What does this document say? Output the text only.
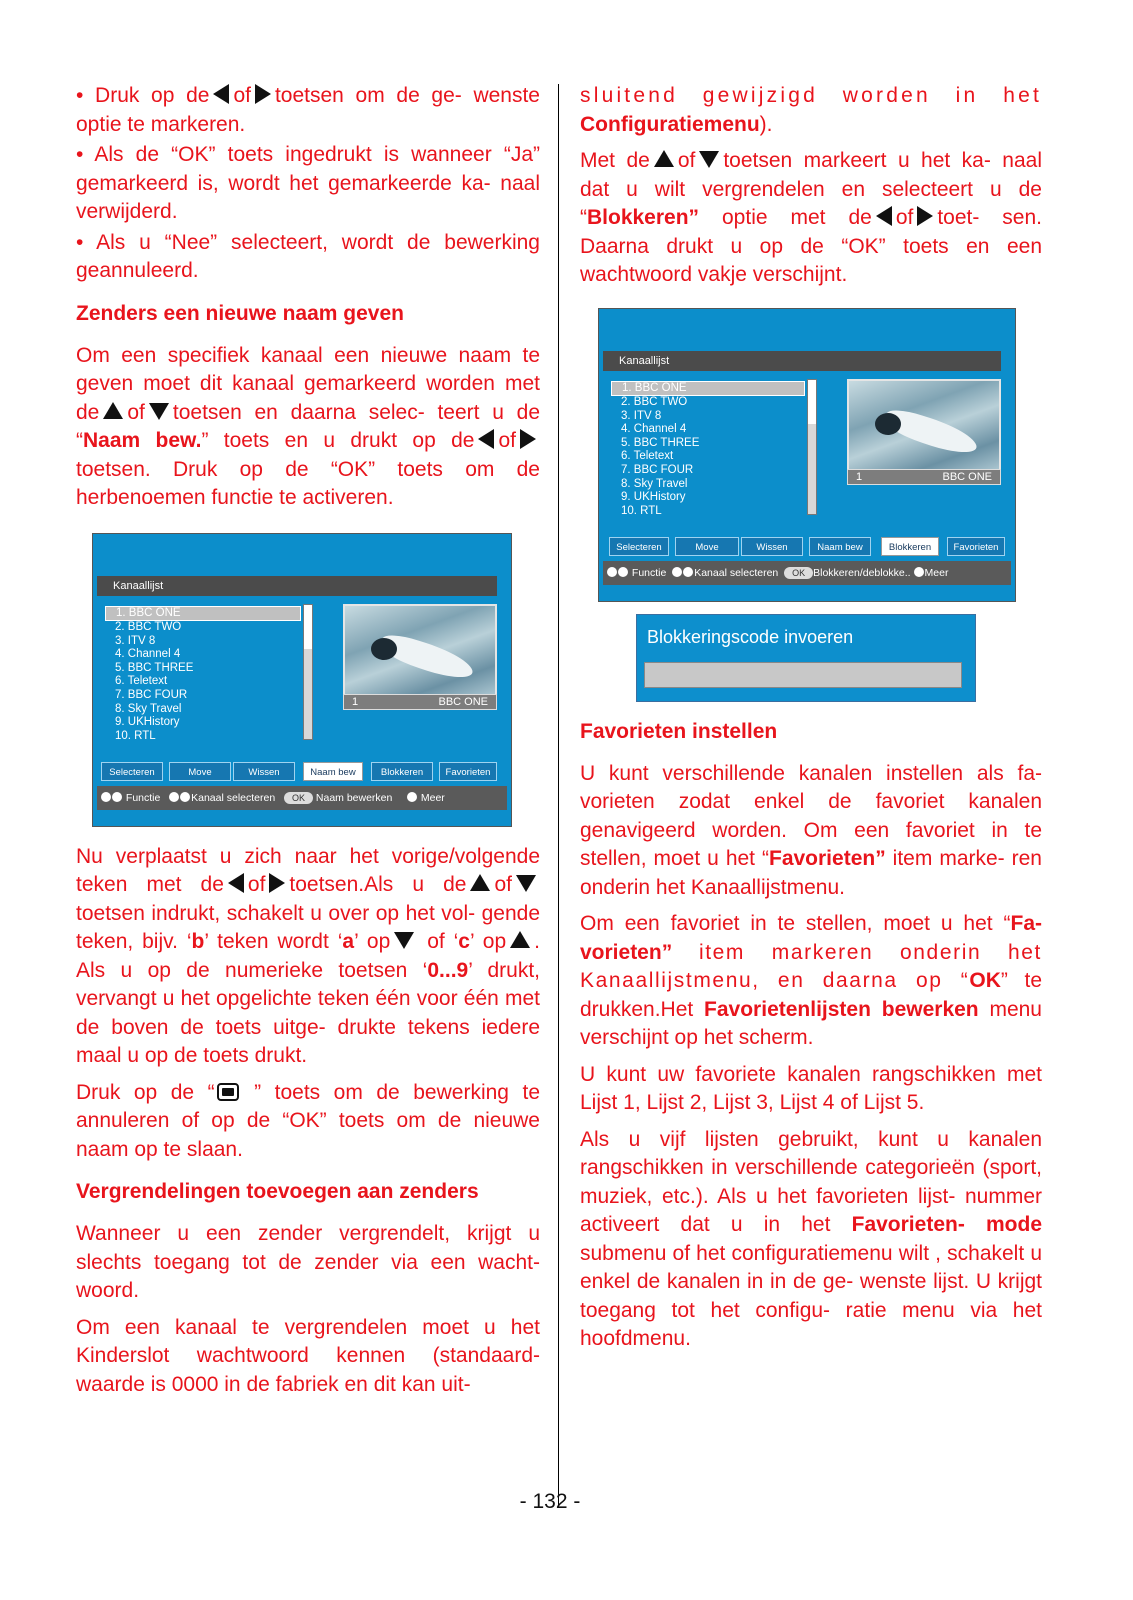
• Druk op de of toetsen om de ge- wenste optie te markeren.

• Als de “OK” toets ingedrukt is wanneer “Ja” gemarkeerd is, wordt het gemarkeerde ka- naal verwijderd.

• Als u “Nee” selecteert, wordt de bewerking geannuleerd.

Zenders een nieuwe naam geven

Om een specifiek kanaal een nieuwe naam te geven moet dit kanaal gemarkeerd worden met de of toetsen en daarna selec- teert u de “Naam bew.” toets en u drukt op de oftoetsen. Druk op de “OK” toets om de herbenoemen functie te activeren.

Kanaallijst
1. BBC ONE
2. BBC TWO
3. ITV 8
4. Channel 4
5. BBC THREE
6. Teletext
7. BBC FOUR
8. Sky Travel
9. UKHistory
10. RTL
1	BBC ONE
Selecteren	Move	Wissen	Naam bew	Blokkeren	Favorieten
Functie	Kanaal selecteren OK Naam bewerken	Meer

Nu verplaatst u zich naar het vorige/volgende teken met de of toetsen.Als u de of toetsen indrukt, schakelt u over op het vol- gende teken, bijv. ‘b’ teken wordt ‘a’ op of ‘c’ op . Als u op de numerieke toetsen ‘0...9’ drukt, vervangt u het opgelichte teken één voor één met de boven de toets uitge- drukte tekens iedere maal u op de toets drukt.

Druk op de “ ” toets om de bewerking te annuleren of op de “OK” toets om de nieuwe naam op te slaan.

Vergrendelingen toevoegen aan zenders

Wanneer u een zender vergrendelt, krijgt u slechts toegang tot de zender via een wacht- woord.

Om een kanaal te vergrendelen moet u het Kinderslot wachtwoord kennen (standaard- waarde is 0000 in de fabriek en dit kan uit-

sluitend gewijzigd worden in het Configuratiemenu).

Met de of toetsen markeert u het ka- naal dat u wilt vergrendelen en selecteert u de “Blokkeren” optie met de of toet- sen. Daarna drukt u op de “OK” toets en een wachtwoord vakje verschijnt.

Kanaallijst
1. BBC ONE
2. BBC TWO
3. ITV 8
4. Channel 4
5. BBC THREE
6. Teletext
7. BBC FOUR
8. Sky Travel
9. UKHistory
10. RTL
1	BBC ONE
Selecteren	Move	Wissen	Naam bew	Blokkeren	Favorieten
Functie	Kanaal selecteren OK Blokkeren/deblokke.. Meer
Blokkeringscode invoeren
Favorieten instellen

U kunt verschillende kanalen instellen als fa- vorieten zodat enkel de favoriet kanalen genavigeerd worden. Om een favoriet in te stellen, moet u het “Favorieten” item marke- ren onderin het Kanaallijstmenu.

Om een favoriet in te stellen, moet u het “Fa- vorieten” item markeren onderin het Kanaallijstmenu, en daarna op “OK” te drukken.Het Favorietenlijsten bewerken menu verschijnt op het scherm.

U kunt uw favoriete kanalen rangschikken met Lijst 1, Lijst 2, Lijst 3, Lijst 4 of Lijst 5.

Als u vijf lijsten gebruikt, kunt u kanalen rangschikken in verschillende categorieën (sport, muziek, etc.). Als u het favorieten lijst- nummer activeert dat u in het Favorieten- mode submenu of het configuratiemenu wilt , schakelt u enkel de kanalen in in de ge- wenste lijst. U krijgt toegang tot het configu- ratie menu via het hoofdmenu.

- 132 -
